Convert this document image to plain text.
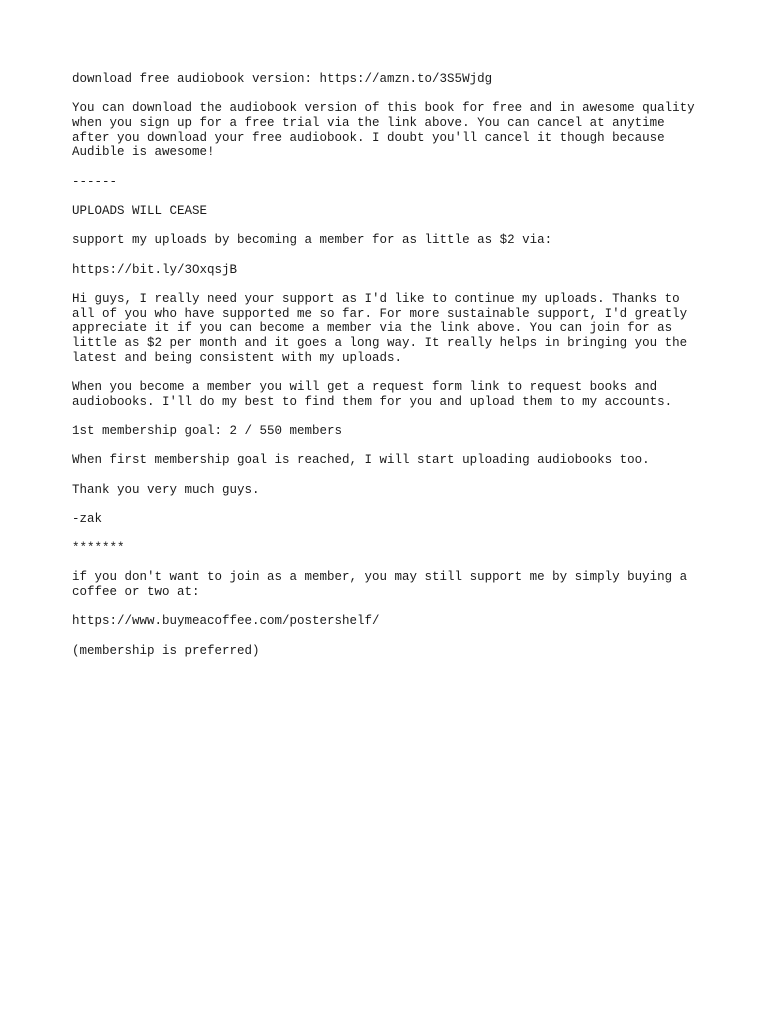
download free audiobook version: https://amzn.to/3S5Wjdg
You can download the audiobook version of this book for free and in awesome quality
when you sign up for a free trial via the link above. You can cancel at anytime
after you download your free audiobook. I doubt you'll cancel it though because
Audible is awesome!
------
UPLOADS WILL CEASE
support my uploads by becoming a member for as little as $2 via:
https://bit.ly/3OxqsjB
Hi guys, I really need your support as I'd like to continue my uploads. Thanks to
all of you who have supported me so far. For more sustainable support, I'd greatly
appreciate it if you can become a member via the link above. You can join for as
little as $2 per month and it goes a long way. It really helps in bringing you the
latest and being consistent with my uploads.
When you become a member you will get a request form link to request books and
audiobooks. I'll do my best to find them for you and upload them to my accounts.
1st membership goal: 2 / 550 members
When first membership goal is reached, I will start uploading audiobooks too.
Thank you very much guys.
-zak
*******
if you don't want to join as a member, you may still support me by simply buying a
coffee or two at:
https://www.buymeacoffee.com/postershelf/
(membership is preferred)
